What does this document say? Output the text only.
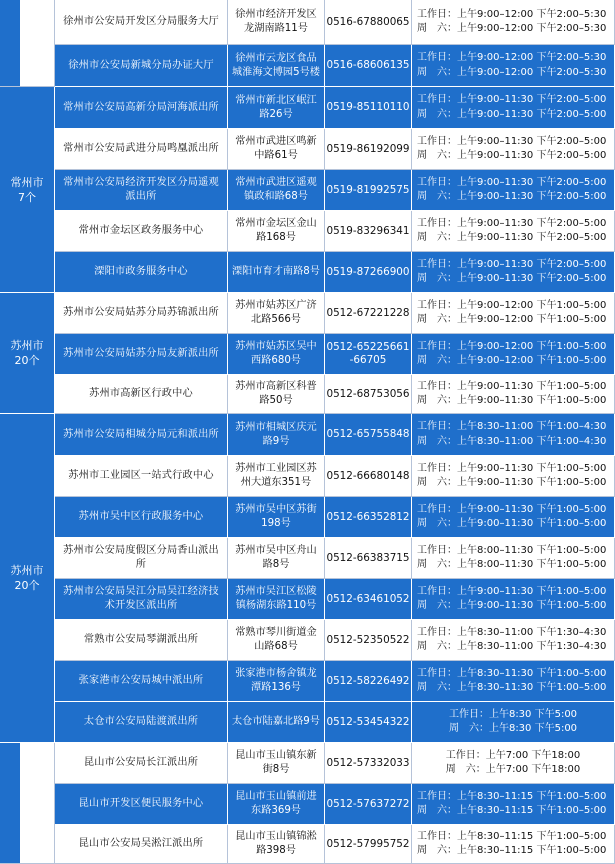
徐州市公安局开发区分局服务大厅
徐州市经济开发区龙湖南路11号
0516-67880065
工作日：上午9:00–12:00 下午2:00–5:30
周　六：上午9:00–12:00 下午2:00–5:30
徐州市公安局新城分局办证大厅
徐州市云龙区食品城淮海文博园5号楼
0516-68606135
工作日：上午9:00–12:00 下午2:00–5:30
周　六：上午9:00–12:00 下午2:00–5:30
常州市
7个
常州市公安局高新分局河海派出所
常州市新北区岷江路26号
0519-85110110
工作日：上午9:00–11:30 下午2:00–5:00
周　六：上午9:00–11:30 下午2:00–5:00
常州市公安局武进分局鸣凰派出所
常州市武进区鸣新中路61号
0519-86192099
工作日：上午9:00–11:30 下午2:00–5:00
周　六：上午9:00–11:30 下午2:00–5:00
常州市公安局经济开发区分局遥观派出所
常州市武进区遥观镇政和路68号
0519-81992575
工作日：上午9:00–11:30 下午2:00–5:00
周　六：上午9:00–11:30 下午2:00–5:00
常州市金坛区政务服务中心
常州市金坛区金山路168号
0519-83296341
工作日：上午9:00–11:30 下午2:00–5:00
周　六：上午9:00–11:30 下午2:00–5:00
溧阳市政务服务中心	溧阳市育才南路8号 0519-87266900
工作日：上午9:00–11:30 下午2:00–5:00
周　六：上午9:00–11:30 下午2:00–5:00
苏州市
20个
苏州市公安局姑苏分局苏锦派出所
苏州市姑苏区广济北路566号
0512-67221228
工作日：上午9:00–12:00 下午1:00–5:00
周　六：上午9:00–12:00 下午1:00–5:00
苏州市公安局姑苏分局友新派出所
苏州市姑苏区吴中西路680号
0512-65225661
-66705
工作日：上午9:00–12:00 下午1:00–5:00
周　六：上午9:00–12:00 下午1:00–5:00
苏州市高新区行政中心
苏州市高新区科普路50号
0512-68753056
工作日：上午9:00–11:30 下午1:00–5:00
周　六：上午9:00–11:30 下午1:00–5:00
苏州市
20个
苏州市公安局相城分局元和派出所
苏州市相城区庆元路9号
0512-65755848
工作日：上午8:30–11:00 下午1:00–4:30
周　六：上午8:30–11:00 下午1:00–4:30
苏州市工业园区一站式行政中心
苏州市工业园区苏州大道东351号
0512-66680148
工作日：上午9:00–11:30 下午1:00–5:00
周　六：上午9:00–11:30 下午1:00–5:00
苏州市吴中区行政服务中心
苏州市吴中区苏街198号
0512-66352812
工作日：上午9:00–11:30 下午1:00–5:00
周　六：上午9:00–11:30 下午1:00–5:00
苏州市公安局度假区分局香山派出所
苏州市吴中区舟山路8号
0512-66383715
工作日：上午8:00–11:30 下午1:00–5:00
周　六：上午8:00–11:30 下午1:00–5:00
苏州市公安局吴江分局吴江经济技术开发区派出所
苏州市吴江区松陵镇杨湖东路110号
0512-63461052
工作日：上午9:00–11:30 下午1:00–5:00
周　六：上午9:00–11:30 下午1:00–5:00
常熟市公安局琴湖派出所
常熟市琴川街道金山路68号
0512-52350522
工作日：上午8:30–11:00 下午1:30–4:30
周　六：上午8:30–11:00 下午1:30–4:30
张家港市公安局城中派出所
张家港市杨舍镇龙潭路136号
0512-58226492
工作日：上午8:30–11:30 下午1:00–5:00
周　六：上午8:30–11:30 下午1:00–5:00
太仓市公安局陆渡派出所	太仓市陆嘉北路9号 0512-53454322
工作日：上午8:30 下午5:00
周　六：上午8:30 下午5:00
昆山市公安局长江派出所
昆山市玉山镇东新街8号
0512-57332033
工作日：上午7:00 下午18:00
周　六：上午7:00 下午18:00
昆山市开发区便民服务中心
昆山市玉山镇前进东路369号
0512-57637272
工作日：上午8:30–11:15 下午1:00–5:00
周　六：上午8:30–11:15 下午1:00–5:00
昆山市公安局吴淞江派出所
昆山市玉山镇锦淞路398号
0512-57995752
工作日：上午8:30–11:15 下午1:00–5:00
周　六：上午8:30–11:15 下午1:00–5:00
